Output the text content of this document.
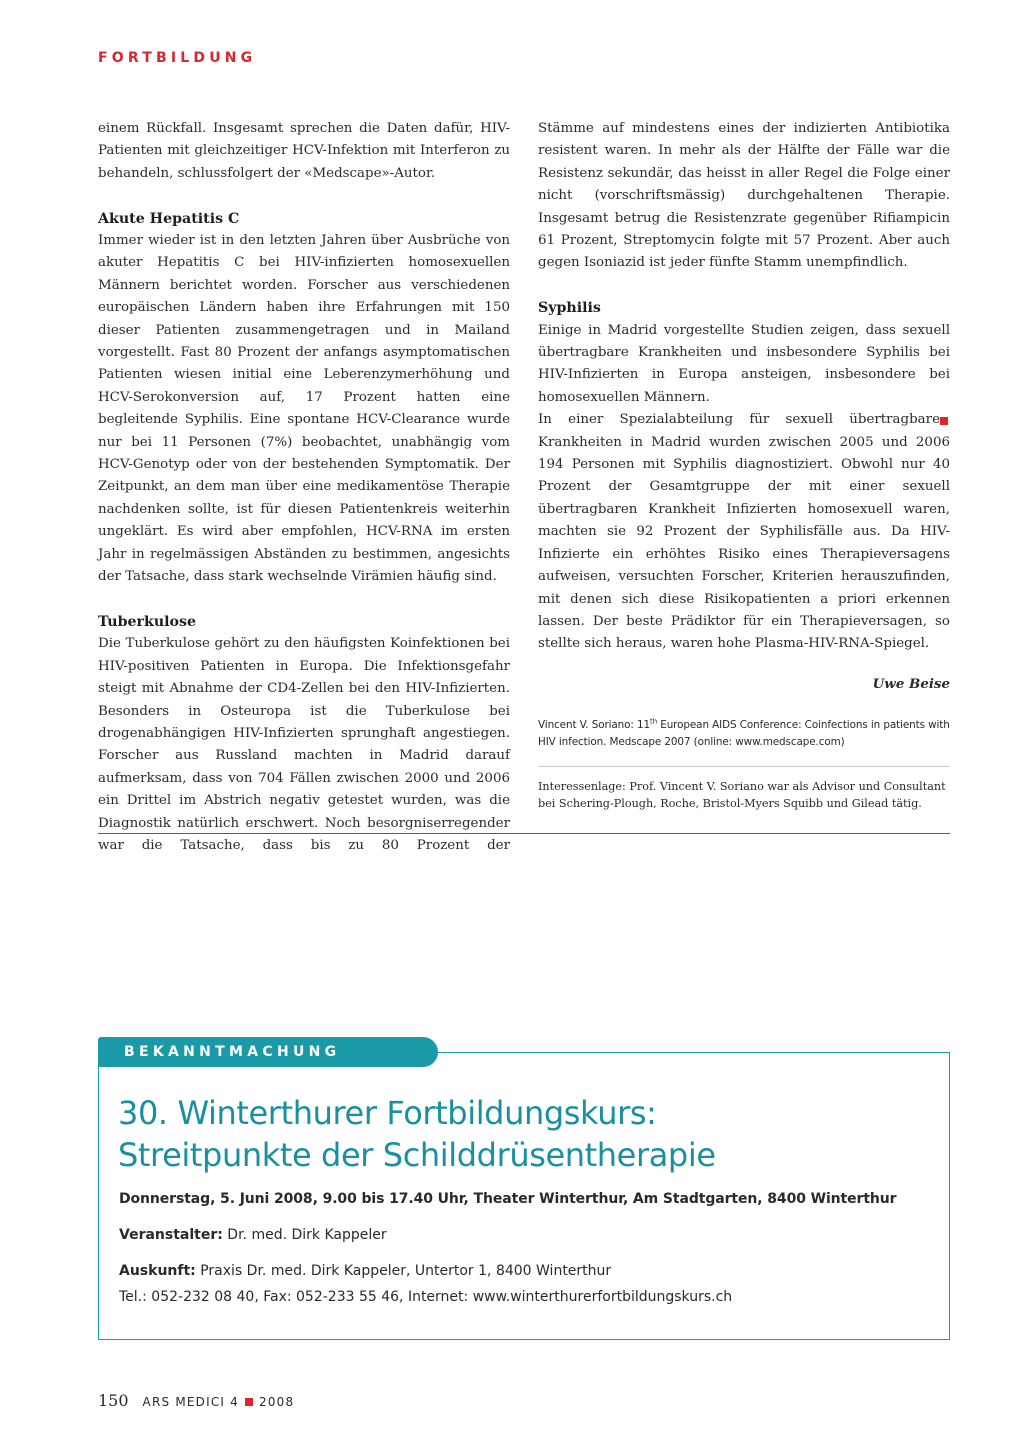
FORTBILDUNG

einem Rückfall. Insgesamt sprechen die Daten dafür, HIV-Patienten mit gleichzeitiger HCV-Infektion mit Interferon zu behandeln, schlussfolgert der «Medscape»-Autor.

Akute Hepatitis C

Immer wieder ist in den letzten Jahren über Ausbrüche von akuter Hepatitis C bei HIV-infizierten homosexuellen Männern berichtet worden. Forscher aus verschiedenen europäischen Ländern haben ihre Erfahrungen mit 150 dieser Patienten zusammengetragen und in Mailand vorgestellt. Fast 80 Prozent der anfangs asymptomatischen Patienten wiesen initial eine Leberenzymerhöhung und HCV-Serokonversion auf, 17 Prozent hatten eine begleitende Syphilis. Eine spontane HCV-Clearance wurde nur bei 11 Personen (7%) beobachtet, unabhängig vom HCV-Genotyp oder von der bestehenden Symptomatik. Der Zeitpunkt, an dem man über eine medikamentöse Therapie nachdenken sollte, ist für diesen Patientenkreis weiterhin ungeklärt. Es wird aber empfohlen, HCV-RNA im ersten Jahr in regelmässigen Abständen zu bestimmen, angesichts der Tatsache, dass stark wechselnde Virämien häufig sind.

Tuberkulose

Die Tuberkulose gehört zu den häufigsten Koinfektionen bei HIV-positiven Patienten in Europa. Die Infektionsgefahr steigt mit Abnahme der CD4-Zellen bei den HIV-Infizierten. Besonders in Osteuropa ist die Tuberkulose bei drogenabhängigen HIV-Infizierten sprunghaft angestiegen. Forscher aus Russland machten in Madrid darauf aufmerksam, dass von 704 Fällen zwischen 2000 und 2006 ein Drittel im Abstrich negativ getestet wurden, was die Diagnostik natürlich erschwert. Noch besorgniserregender war die Tatsache, dass bis zu 80 Prozent der

Stämme auf mindestens eines der indizierten Antibiotika resistent waren. In mehr als der Hälfte der Fälle war die Resistenz sekundär, das heisst in aller Regel die Folge einer nicht (vorschriftsmässig) durchgehaltenen Therapie. Insgesamt betrug die Resistenzrate gegenüber Rifiampicin 61 Prozent, Streptomycin folgte mit 57 Prozent. Aber auch gegen Isoniazid ist jeder fünfte Stamm unempfindlich.

Syphilis

Einige in Madrid vorgestellte Studien zeigen, dass sexuell übertragbare Krankheiten und insbesondere Syphilis bei HIV-Infizierten in Europa ansteigen, insbesondere bei homosexuellen Männern.

In einer Spezialabteilung für sexuell übertragbare Krankheiten in Madrid wurden zwischen 2005 und 2006 194 Personen mit Syphilis diagnostiziert. Obwohl nur 40 Prozent der Gesamtgruppe der mit einer sexuell übertragbaren Krankheit Infizierten homosexuell waren, machten sie 92 Prozent der Syphilisfälle aus. Da HIV-Infizierte ein erhöhtes Risiko eines Therapieversagens aufweisen, versuchten Forscher, Kriterien herauszufinden, mit denen sich diese Risikopatienten a priori erkennen lassen. Der beste Prädiktor für ein Therapieversagen, so stellte sich heraus, waren hohe Plasma-HIV-RNA-Spiegel.

Uwe Beise
Vincent V. Soriano: 11th European AIDS Conference: Coinfections in patients with HIV infection. Medscape 2007 (online: www.medscape.com)
Interessenlage: Prof. Vincent V. Soriano war als Advisor und Consultant bei Schering-Plough, Roche, Bristol-Myers Squibb und Gilead tätig.
BEKANNTMACHUNG
30. Winterthurer Fortbildungskurs:
Streitpunkte der Schilddrüsentherapie
Donnerstag, 5. Juni 2008, 9.00 bis 17.40 Uhr, Theater Winterthur, Am Stadtgarten, 8400 Winterthur
Veranstalter: Dr. med. Dirk Kappeler
Auskunft: Praxis Dr. med. Dirk Kappeler, Untertor 1, 8400 Winterthur
Tel.: 052-232 08 40, Fax: 052-233 55 46, Internet: www.winterthurerfortbildungskurs.ch
150 ARS MEDICI 4 2008
